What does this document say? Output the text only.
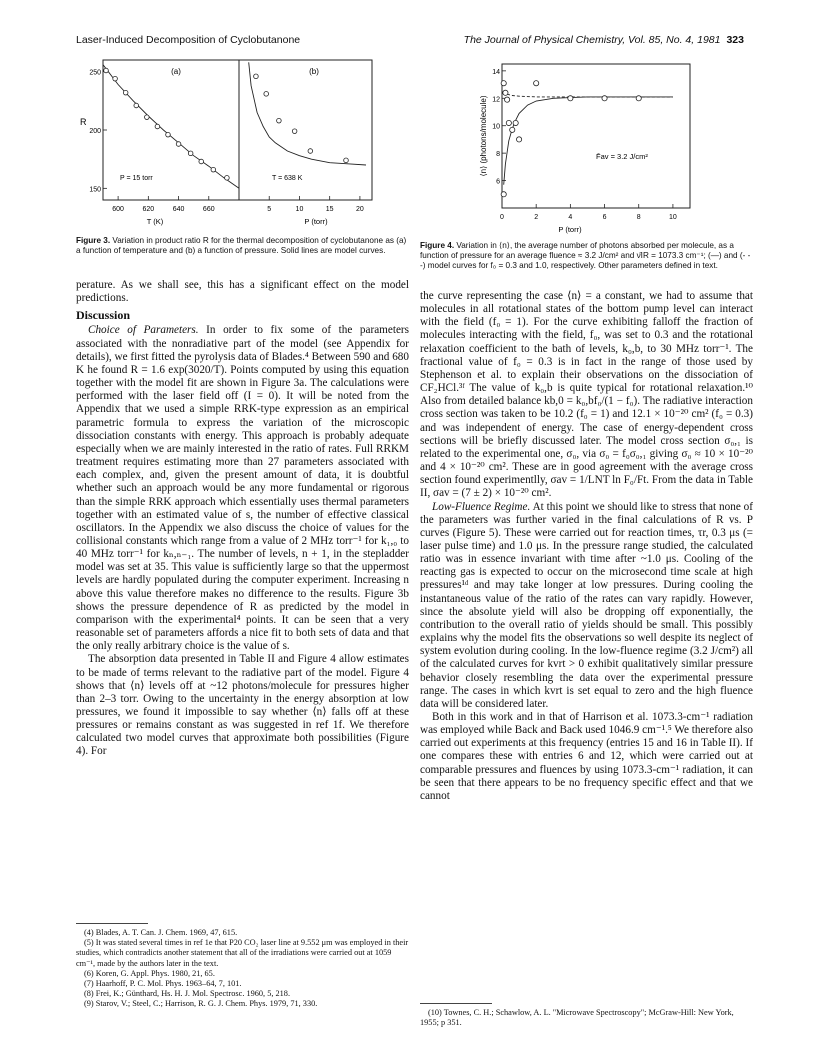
Laser-Induced Decomposition of Cyclobutanone	The Journal of Physical Chemistry, Vol. 85, No. 4, 1981 323
(a)	(b)
R
250
200
150
600	620	640	660	5	10	15	20
T (K)	P (torr)
P = 15 torr	T = 638 K
Figure 3. Variation in product ratio R for the thermal decomposition of cyclobutanone as (a) a function of temperature and (b) a function of pressure. Solid lines are model curves.
⟨n⟩ (photons/molecule)
14
12
10
8
6
0	2	4	6	8	10
P (torr)
F̄av = 3.2 J/cm²
Figure 4. Variation in ⟨n⟩, the average number of photons absorbed per molecule, as a function of pressure for an average fluence ≈ 3.2 J/cm² and ν̄IR = 1073.3 cm⁻¹; (—) and (- - -) model curves for f₀ = 0.3 and 1.0, respectively. Other parameters defined in text.

perature. As we shall see, this has a significant effect on the model predictions.

Discussion

Choice of Parameters. In order to fix some of the parameters associated with the nonradiative part of the model (see Appendix for details), we first fitted the pyrolysis data of Blades.⁴ Between 590 and 680 K he found R = 1.6 exp(3020/T). Points computed by using this equation together with the model fit are shown in Figure 3a. The calculations were performed with the laser field off (I = 0). It will be noted from the Appendix that we used a simple RRK-type expression as an empirical parametric formula to express the variation of the microscopic dissociation constants with energy. This approach is probably adequate especially when we are mainly interested in the ratio of rates. Full RRKM treatment requires estimating more than 27 parameters associated with each complex, and, given the present amount of data, it is doubtful whether such an approach would be any more fundamental or rigorous than the simple RRK approach which essentially uses thermal parameters together with an estimated value of s, the number of effective classical oscillators. In the Appendix we also discuss the choice of values for the collisional constants which range from a value of 2 MHz torr⁻¹ for k₁,₀ to 40 MHz torr⁻¹ for kₙ,ₙ₋₁. The number of levels, n + 1, in the stepladder model was set at 35. This value is sufficiently large so that the uppermost levels are hardly populated during the computer experiment. Increasing n above this value therefore makes no difference to the results. Figure 3b shows the pressure dependence of R as predicted by the model in comparison with the experimental⁴ points. It can be seen that a very reasonable set of parameters affords a nice fit to both sets of data and that the only really arbitrary choice is the value of s.

The absorption data presented in Table II and Figure 4 allow estimates to be made of terms relevant to the radiative part of the model. Figure 4 shows that ⟨n⟩ levels off at ~12 photons/molecule for pressures higher than 2–3 torr. Owing to the uncertainty in the energy absorption at low pressures, we found it impossible to say whether ⟨n⟩ falls off at these pressures or remains constant as was suggested in ref 1f. We therefore calculated two model curves that approximate both possibilities (Figure 4). For

(4) Blades, A. T. Can. J. Chem. 1969, 47, 615.
(5) It was stated several times in ref 1e that P20 CO₂ laser line at 9.552 μm was employed in their studies, which contradicts another statement that all of the irradiations were carried out at 1059 cm⁻¹, made by the authors later in the text.
(6) Koren, G. Appl. Phys. 1980, 21, 65.
(7) Haarhoff, P. C. Mol. Phys. 1963–64, 7, 101.
(8) Frei, K.; Günthard, Hs. H. J. Mol. Spectrosc. 1960, 5, 218.
(9) Starov, V.; Steel, C.; Harrison, R. G. J. Chem. Phys. 1979, 71, 330.

the curve representing the case ⟨n⟩ = a constant, we had to assume that molecules in all rotational states of the bottom pump level can interact with the field (f₀ = 1). For the curve exhibiting falloff the fraction of molecules interacting with the field, f₀, was set to 0.3 and the rotational relaxation coefficient to the bath of levels, k₀,b, to 30 MHz torr⁻¹. The fractional value of f₀ = 0.3 is in fact in the range of those used by Stephenson et al. to explain their observations on the dissociation of CF₂HCl.³ᶠ The value of k₀,b is quite typical for rotational relaxation.¹⁰ Also from detailed balance kb,0 = k₀,bf₀/(1 − f₀). The radiative interaction cross section was taken to be 10.2 (f₀ = 1) and 12.1 × 10⁻²⁰ cm² (f₀ = 0.3) and was independent of energy. The case of energy-dependent cross sections will be briefly discussed later. The model cross section σ₀,₁ is related to the experimental one, σ₀, via σ₀ = f₀σ₀,₁ giving σ₀ ≈ 10 × 10⁻²⁰ and 4 × 10⁻²⁰ cm². These are in good agreement with the average cross section found experimentlly, σav = 1/LNT ln F₀/Ft. From the data in Table II, σav = (7 ± 2) × 10⁻²⁰ cm².

Low-Fluence Regime. At this point we should like to stress that none of the parameters was further varied in the final calculations of R vs. P curves (Figure 5). These were carried out for reaction times, τr, 0.3 μs (= laser pulse time) and 1.0 μs. In the pressure range studied, the calculated ratio was in essence invariant with time after ~1.0 μs. Cooling of the reacting gas is expected to occur on the microsecond time scale at high pressures¹ᵈ and may take longer at low pressures. During cooling the instantaneous value of the ratio of the rates can vary rapidly. However, since the absolute yield will also be dropping off exponentially, the contribution to the overall ratio of yields should be small. This possibly explains why the model fits the observations so well despite its neglect of system evolution during cooling. In the low-fluence regime (3.2 J/cm²) all of the calculated curves for kvrt > 0 exhibit qualitatively similar pressure behavior closely resembling the data over the experimental pressure range. The cases in which kvrt is set equal to zero and the high fluence data will be considered later.

Both in this work and in that of Harrison et al. 1073.3-cm⁻¹ radiation was employed while Back and Back used 1046.9 cm⁻¹.⁵ We therefore also carried out experiments at this frequency (entries 15 and 16 in Table II). If one compares these with entries 6 and 12, which were carried out at comparable pressures and fluences by using 1073.3-cm⁻¹ radiation, it can be seen that there appears to be no frequency specific effect and that we cannot

(10) Townes, C. H.; Schawlow, A. L. "Microwave Spectroscopy"; McGraw-Hill: New York, 1955; p 351.
